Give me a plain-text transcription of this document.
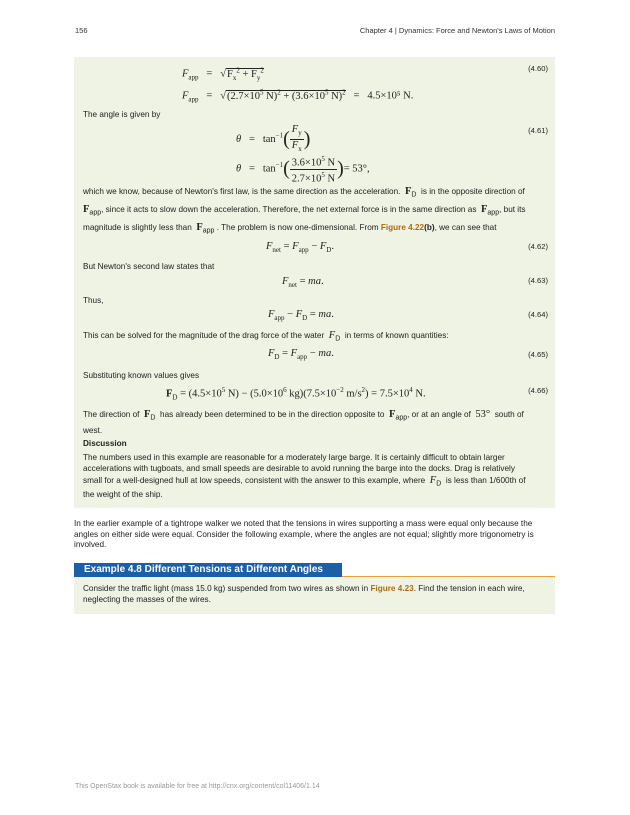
156	Chapter 4 | Dynamics: Force and Newton's Laws of Motion
$F_{app} = √F_x^2 + F_y^2$	(4.60)
$F_{app} = √(2.7\times 10^5$ $N)^2 + (3.6\times 10^5$ N)$^2$   =   4.5×10⁵ N.
The angle is given by
$\theta = \tan^{-1}( \frac{F_y}{F_x}$ )	(4.61)
$\theta = \tan^{-1}( \frac{3.6\times 10^5 N}{2.7\times 10^5 N}$ )= 53°,
which we know, because of Newton's first law, is the same direction as the acceleration. $F_D$ is in the opposite direction of
$F_{app}$, since it acts to slow down the acceleration. Therefore, the net external force is in the same direction as $F_{app}$, but its
magnitude is slightly less than $F_{app}$ . The problem is now one-dimensional. From Figure 4.22(b), we can see that
$F_{net} = F_{app} - F_D$.	(4.62)
But Newton's second law states that
$F_{net}$ = ma.	(4.63)
Thus,
$F_{app} - F_D$ = ma.	(4.64)
This can be solved for the magnitude of the drag force of the water $F_D$ in terms of known quantities:
$F_D = F_{app}$ − ma.	(4.65)
Substituting known values gives
$F_D = (4.5\times 10^5$ $N) - (5.0\times 10^6$ $kg)(7.5\times 10^{-2}$ $m/s^2) = 7.5\times 10^4$ N.	(4.66)
The direction of $F_D$ has already been determined to be in the direction opposite to $F_{app}$, or at an angle of 53° south of
west.
Discussion
The numbers used in this example are reasonable for a moderately large barge. It is certainly difficult to obtain larger
accelerations with tugboats, and small speeds are desirable to avoid running the barge into the docks. Drag is relatively
small for a well-designed hull at low speeds, consistent with the answer to this example, where $F_D$ is less than 1/600th of
the weight of the ship.
In the earlier example of a tightrope walker we noted that the tensions in wires supporting a mass were equal only because the angles on either side were equal. Consider the following example, where the angles are not equal; slightly more trigonometry is involved.
Example 4.8 Different Tensions at Different Angles
Consider the traffic light (mass 15.0 kg) suspended from two wires as shown in Figure 4.23. Find the tension in each wire,
neglecting the masses of the wires.
This OpenStax book is available for free at http://cnx.org/content/col11406/1.14
